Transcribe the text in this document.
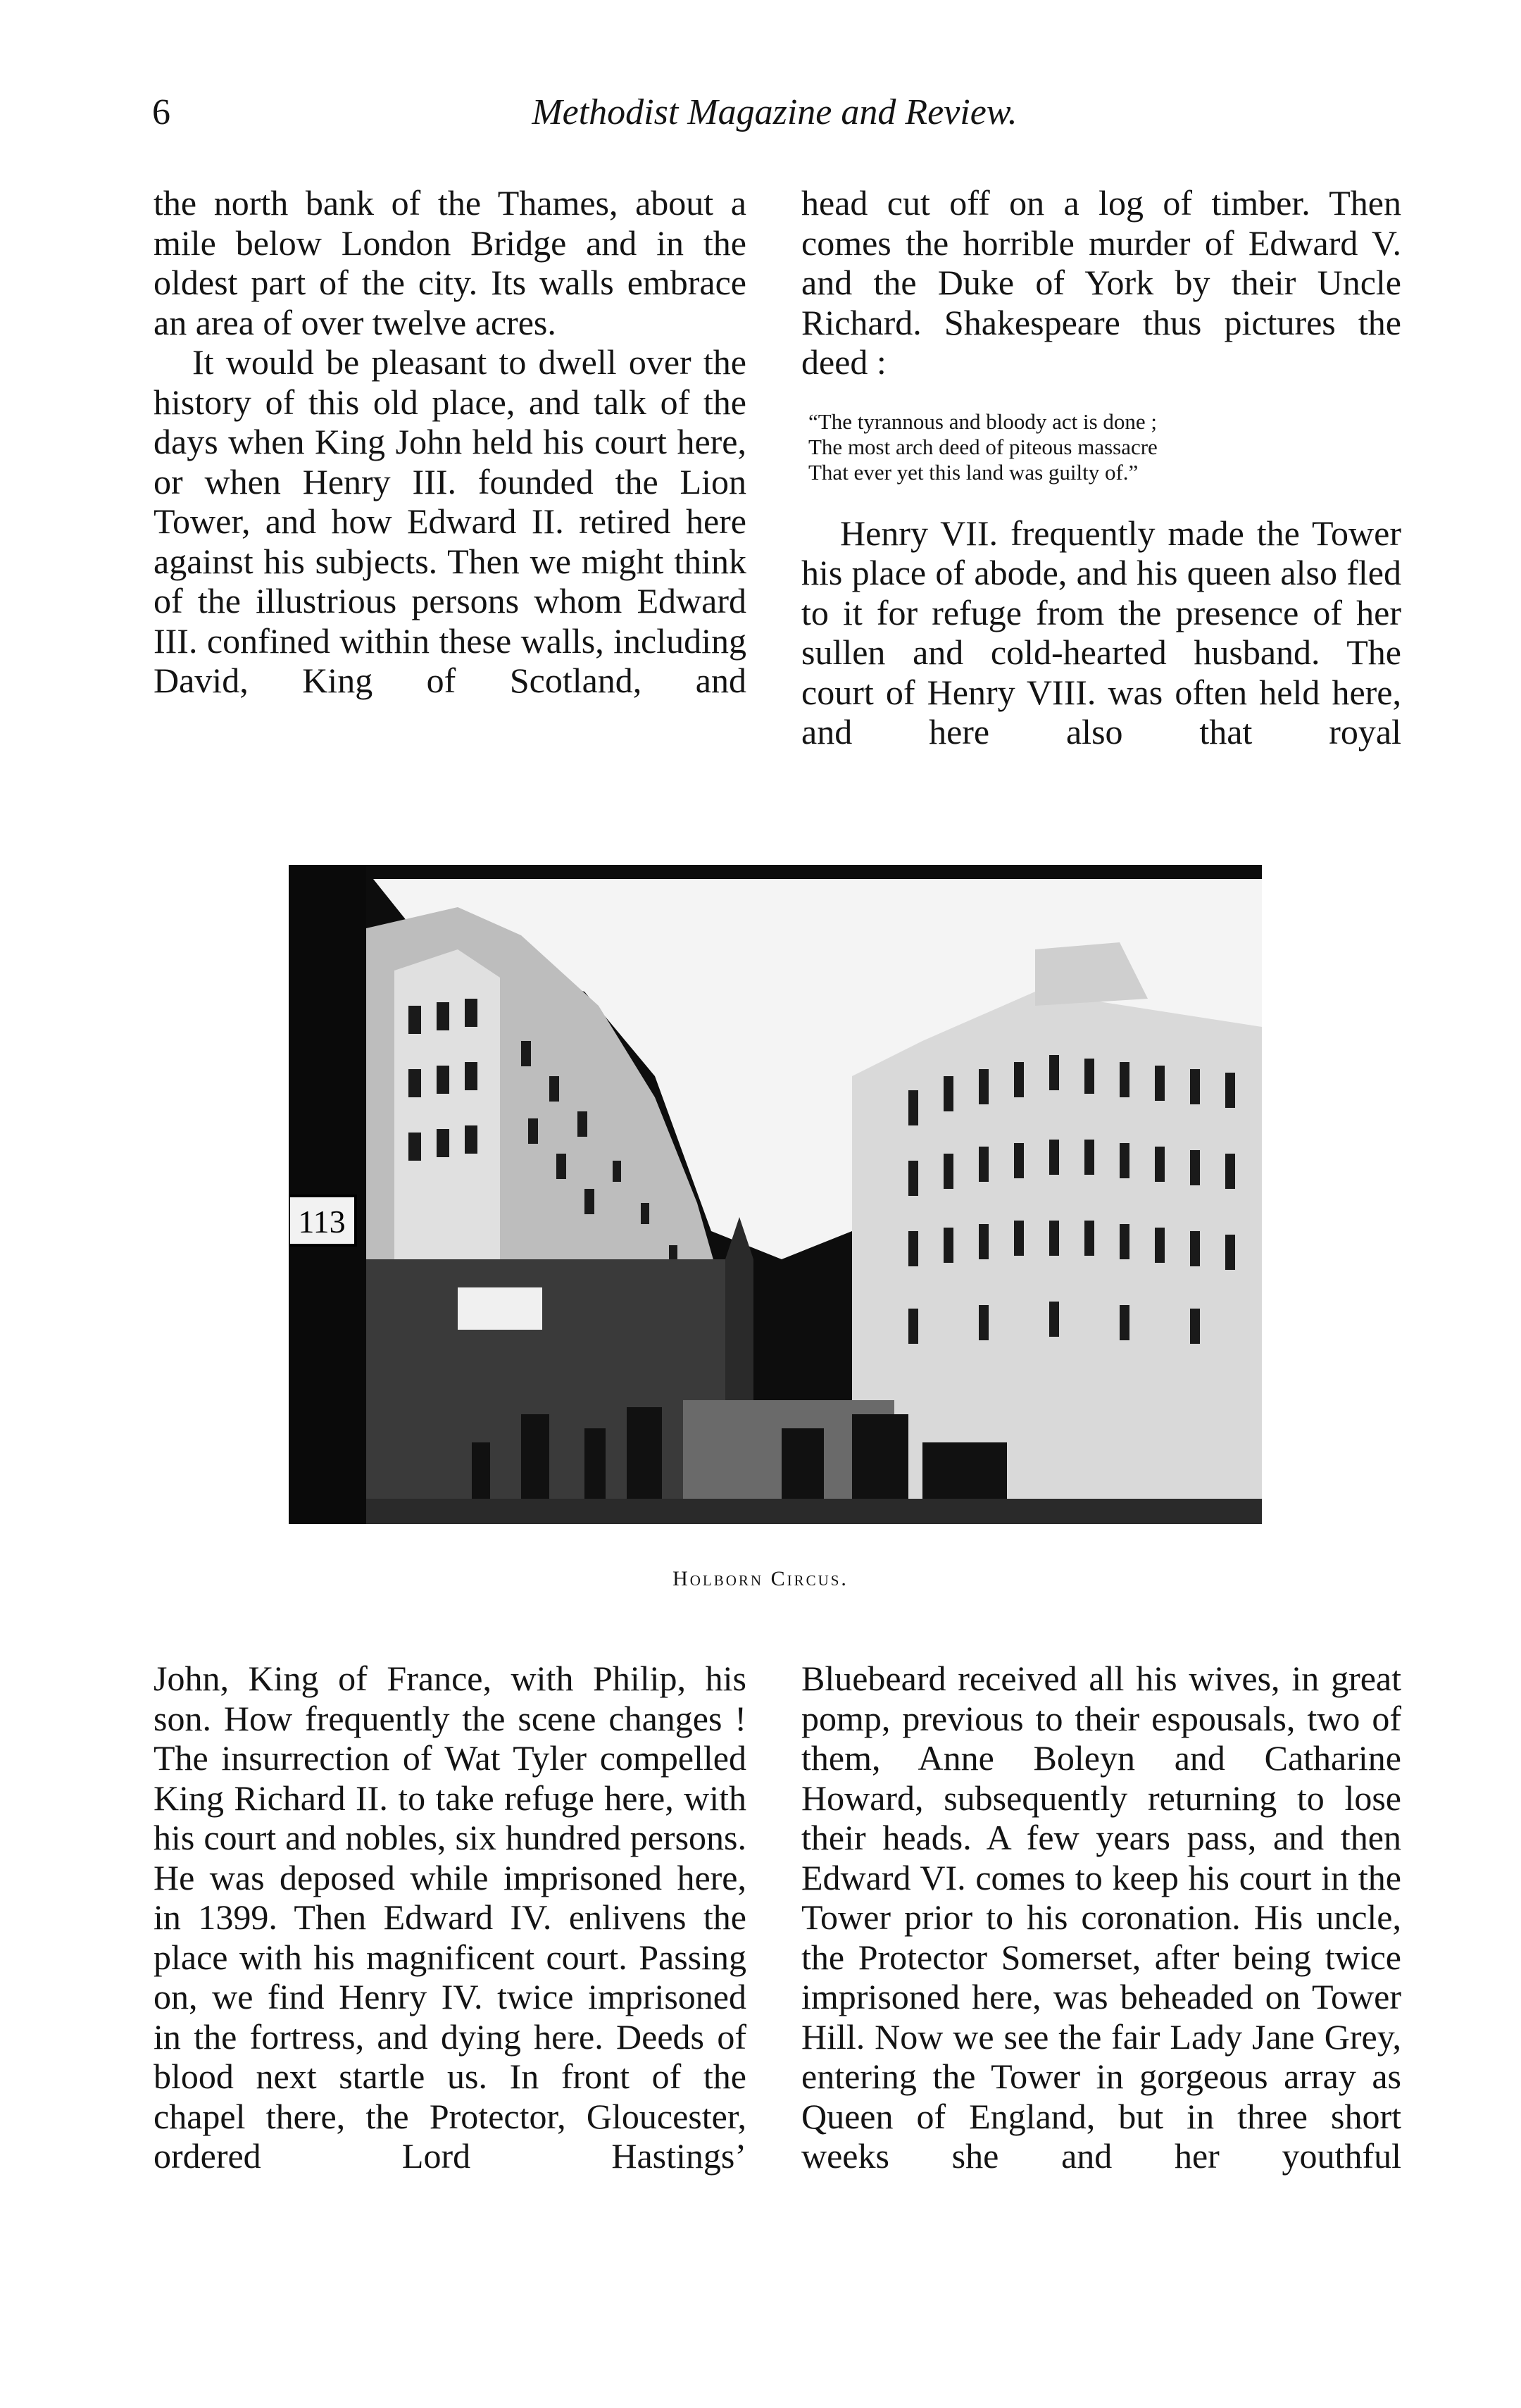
6	Methodist Magazine and Review.

the north bank of the Thames, about a mile below London Bridge and in the oldest part of the city. Its walls embrace an area of over twelve acres.

It would be pleasant to dwell over the history of this old place, and talk of the days when King John held his court here, or when Henry III. founded the Lion Tower, and how Edward II. retired here against his subjects. Then we might think of the illustrious persons whom Edward III. confined within these walls, including David, King of Scotland, and

head cut off on a log of timber. Then comes the horrible murder of Edward V. and the Duke of York by their Uncle Richard. Shakespeare thus pictures the deed :

“The tyrannous and bloody act is done ;
The most arch deed of piteous massacre
That ever yet this land was guilty of.”

Henry VII. frequently made the Tower his place of abode, and his queen also fled to it for refuge from the presence of her sullen and cold-hearted husband. The court of Henry VIII. was often held here, and here also that royal

113
Holborn Circus.

John, King of France, with Philip, his son. How frequently the scene changes ! The insurrection of Wat Tyler compelled King Richard II. to take refuge here, with his court and nobles, six hundred persons. He was deposed while imprisoned here, in 1399. Then Edward IV. enlivens the place with his magnificent court. Passing on, we find Henry IV. twice imprisoned in the fortress, and dying here. Deeds of blood next startle us. In front of the chapel there, the Protector, Gloucester, ordered Lord Hastings’

Bluebeard received all his wives, in great pomp, previous to their espousals, two of them, Anne Boleyn and Catharine Howard, subsequently returning to lose their heads. A few years pass, and then Edward VI. comes to keep his court in the Tower prior to his coronation. His uncle, the Protector Somerset, after being twice imprisoned here, was beheaded on Tower Hill. Now we see the fair Lady Jane Grey, entering the Tower in gorgeous array as Queen of England, but in three short weeks she and her youthful
